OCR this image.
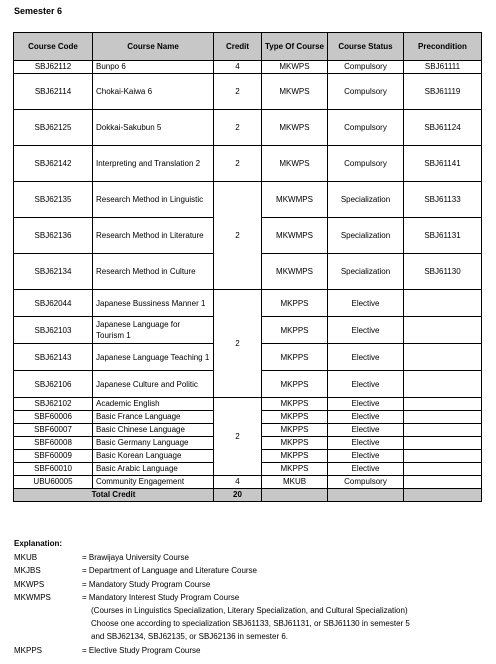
Semester 6
Course Code	Course Name	Credit	Type Of Course	Course Status	Precondition
SBJ62112	Bunpo 6	4	MKWPS	Compulsory	SBJ61111
SBJ62114	Chokai-Kaiwa 6	2	MKWPS	Compulsory	SBJ61119
SBJ62125	Dokkai-Sakubun 5	2	MKWPS	Compulsory	SBJ61124
SBJ62142	Interpreting and Translation 2	2	MKWPS	Compulsory	SBJ61141
SBJ62135	Research Method in Linguistic	2	MKWMPS	Specialization	SBJ61133
SBJ62136	Research Method in Literature		MKWMPS	Specialization	SBJ61131
SBJ62134	Research Method in Culture		MKWMPS	Specialization	SBJ61130
SBJ62044	Japanese Bussiness Manner 1	2	MKPPS	Elective	
SBJ62103	Japanese Language for Tourism 1		MKPPS	Elective	
SBJ62143	Japanese Language Teaching 1		MKPPS	Elective	
SBJ62106	Japanese Culture and Politic		MKPPS	Elective	
SBJ62102	Academic English	2	MKPPS	Elective	
SBF60006	Basic France Language		MKPPS	Elective	
SBF60007	Basic Chinese Language		MKPPS	Elective	
SBF60008	Basic Germany Language		MKPPS	Elective	
SBF60009	Basic Korean Language		MKPPS	Elective	
SBF60010	Basic Arabic Language		MKPPS	Elective	
UBU60005	Community Engagement	4	MKUB	Compulsory	
Total Credit		20			
Explanation:
MKUB	= Brawijaya University Course
MKJBS	= Department of Language and Literature Course
MKWPS	= Mandatory Study Program Course
MKWMPS	= Mandatory Interest Study Program Course
(Courses in Linguistics Specialization, Literary Specialization, and Cultural Specialization)
Choose one according to specialization SBJ61133, SBJ61131, or SBJ61130 in semester 5
and SBJ62134, SBJ62135, or SBJ62136 in semester 6.
MKPPS	= Elective Study Program Course
